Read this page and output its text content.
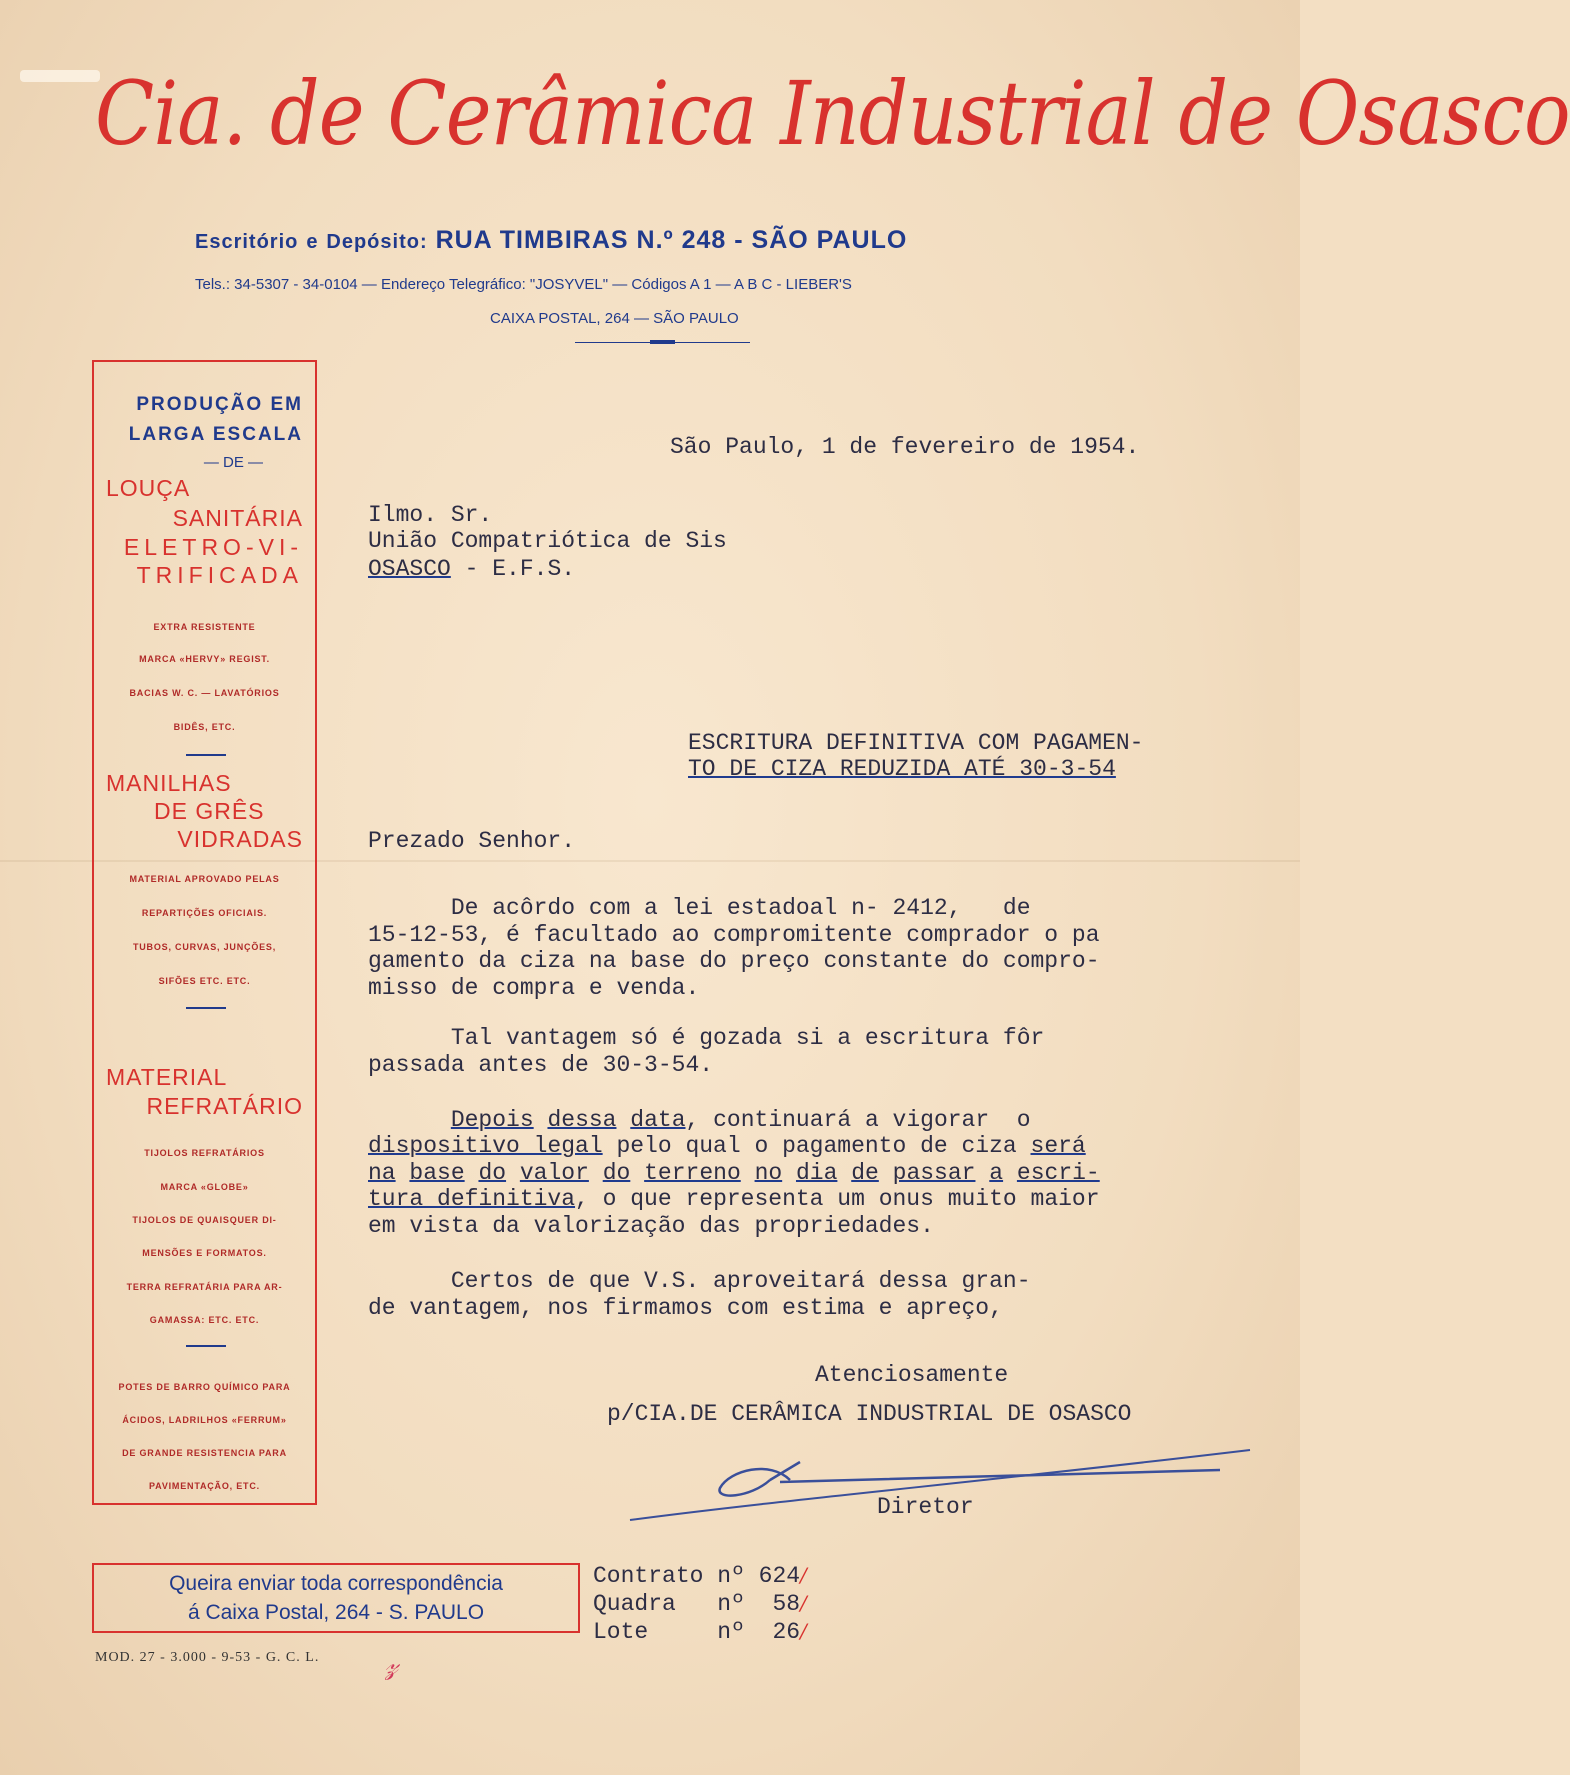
Cia. de Cerâmica Industrial de Osasco
Escritório e Depósito: RUA TIMBIRAS N.º 248 - SÃO PAULO
Tels.: 34-5307 - 34-0104 — Endereço Telegráfico: "JOSYVEL" — Códigos A 1 — A B C - LIEBER'S
CAIXA POSTAL, 264 — SÃO PAULO
PRODUÇÃO EM
LARGA ESCALA
— DE —
LOUÇA
SANITÁRIA
ELETRO-VI-
TRIFICADA
EXTRA RESISTENTE
MARCA «HERVY» REGIST.
BACIAS W. C. — LAVATÓRIOS
BIDÊS, ETC.
MANILHAS
DE GRÊS
VIDRADAS
MATERIAL APROVADO PELAS
REPARTIÇÕES OFICIAIS.
TUBOS, CURVAS, JUNÇÕES,
SIFÕES ETC. ETC.
MATERIAL
REFRATÁRIO
TIJOLOS REFRATÁRIOS
MARCA «GLOBE»
TIJOLOS DE QUAISQUER DI-
MENSÕES E FORMATOS.
TERRA REFRATÁRIA PARA AR-
GAMASSA: ETC. ETC.
POTES DE BARRO QUÍMICO PARA
ÁCIDOS, LADRILHOS «FERRUM»
DE GRANDE RESISTENCIA PARA
PAVIMENTAÇÃO, ETC.
São Paulo, 1 de fevereiro de 1954.
Ilmo. Sr.
União Compatriótica de Sis
OSASCO - E.F.S.
ESCRITURA DEFINITIVA COM PAGAMEN-
TO DE CIZA REDUZIDA ATÉ 30-3-54
Prezado Senhor.
De acôrdo com a lei estadoal n- 2412,   de
15-12-53, é facultado ao compromitente comprador o pa
gamento da ciza na base do preço constante do compro-
misso de compra e venda.
Tal vantagem só é gozada si a escritura fôr
passada antes de 30-3-54.
Depois dessa data, continuará a vigorar  o
dispositivo legal pelo qual o pagamento de ciza será
na base do valor do terreno no dia de passar a escri-
tura definitiva, o que representa um onus muito maior
em vista da valorização das propriedades.
Certos de que V.S. aproveitará dessa gran-
de vantagem, nos firmamos com estima e apreço,
Atenciosamente
p/CIA.DE CERÂMICA INDUSTRIAL DE OSASCO
Diretor
Queira enviar toda correspondência
á Caixa Postal, 264 - S. PAULO
Contrato nº 624/
Quadra nº 58/
Lote	nº 26/
MOD. 27 - 3.000 - 9-53 - G. C. L. 𝓏
